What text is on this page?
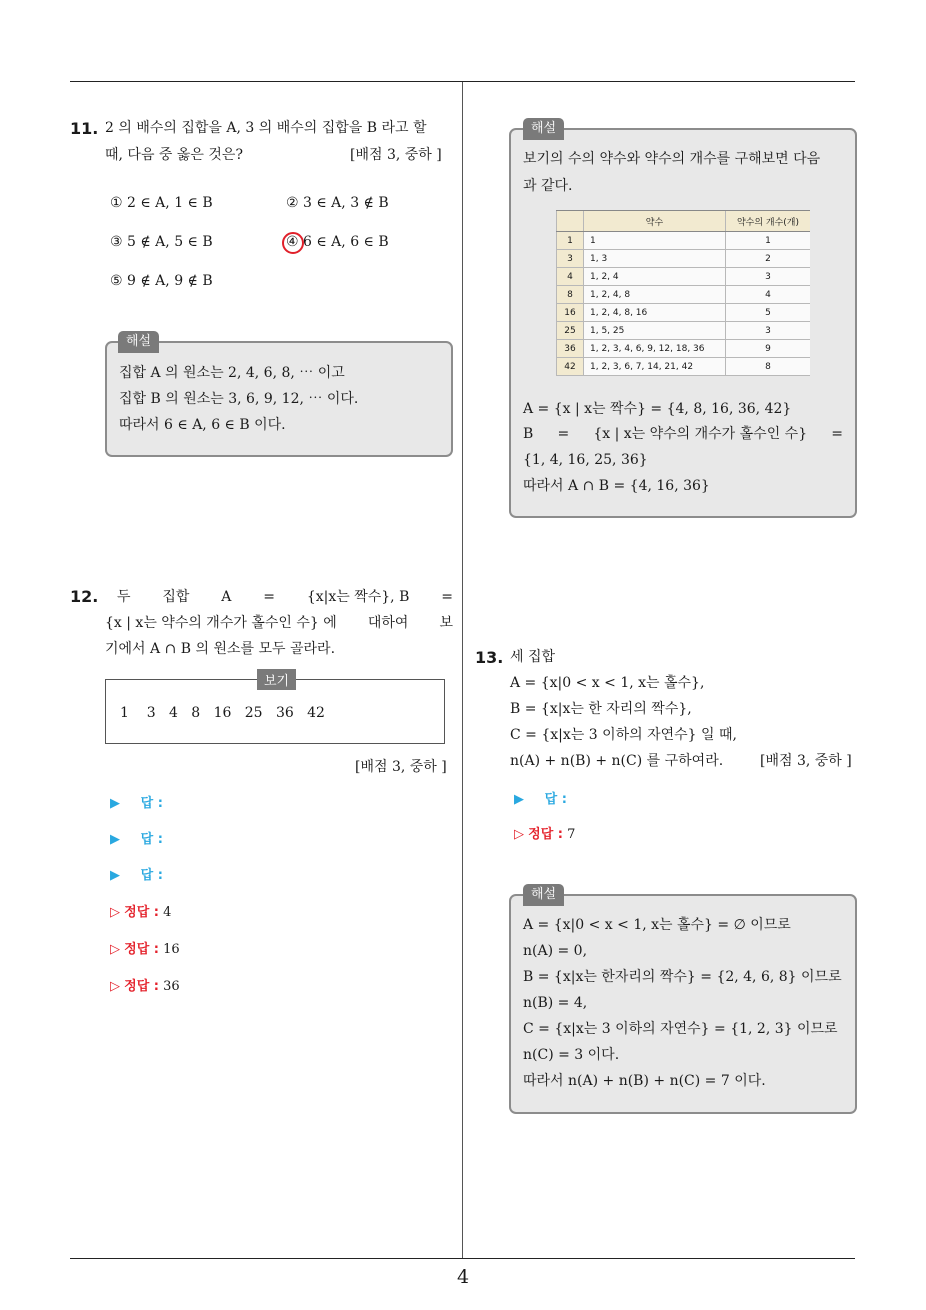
4
11. 2 의 배수의 집합을 A, 3 의 배수의 집합을 B 라고 할
때, 다음 중 옳은 것은?	[배점 3, 중하 ]
① 2 ∈ A, 1 ∈ B	② 3 ∈ A, 3 ∉ B
③ 5 ∉ A, 5 ∈ B	④ 6 ∈ A, 6 ∈ B
⑤ 9 ∉ A, 9 ∉ B
해설
집합 A 의 원소는 2, 4, 6, 8, ⋯ 이고
집합 B 의 원소는 3, 6, 9, 12, ⋯ 이다.
따라서 6 ∈ A, 6 ∈ B 이다.
12. 두 집합 A = {x|x는 짝수}, B =
{x | x는 약수의 개수가 홀수인 수} 에 대하여 보
기에서 A ∩ B 의 원소를 모두 골라라.
보기
1 3 4 8 16 25 36 42
[배점 3, 중하 ]
▶ 답 :
▶ 답 :
▶ 답 :
▷ 정답 : 4
▷ 정답 : 16
▷ 정답 : 36
해설
보기의 수의 약수와 약수의 개수를 구해보면 다음
과 같다.
	약수	약수의 개수(개)
1	1	1
3	1, 3	2
4	1, 2, 4	3
8	1, 2, 4, 8	4
16	1, 2, 4, 8, 16	5
25	1, 5, 25	3
36	1, 2, 3, 4, 6, 9, 12, 18, 36	9
42	1, 2, 3, 6, 7, 14, 21, 42	8
A = {x | x는 짝수} = {4, 8, 16, 36, 42}
B = {x | x는 약수의 개수가 홀수인 수} =
{1, 4, 16, 25, 36}
따라서 A ∩ B = {4, 16, 36}
13. 세 집합
A = {x|0 < x < 1, x는 홀수},
B = {x|x는 한 자리의 짝수},
C = {x|x는 3 이하의 자연수} 일 때,
n(A) + n(B) + n(C) 를 구하여라.	[배점 3, 중하 ]
▶ 답 :
▷ 정답 : 7
해설
A = {x|0 < x < 1, x는 홀수} = ∅ 이므로
n(A) = 0,
B = {x|x는 한자리의 짝수} = {2, 4, 6, 8} 이므로
n(B) = 4,
C = {x|x는 3 이하의 자연수} = {1, 2, 3} 이므로
n(C) = 3 이다.
따라서 n(A) + n(B) + n(C) = 7 이다.
